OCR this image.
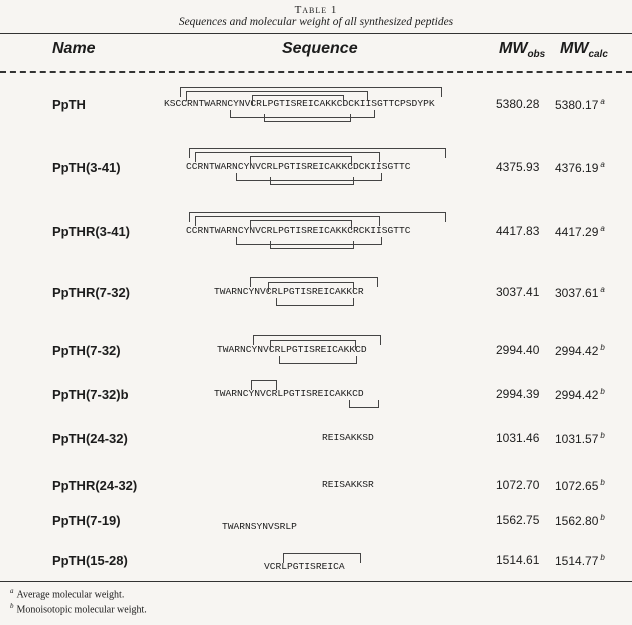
Table 1
Sequences and molecular weight of all synthesized peptides
Name	Sequence	$MW_{obs}$ $MW_{calc}$
PpTH	KSCCRNTWARNCYNVCRLPGTISREICAKKCDCKIISGTTCPSDYPK	5380.28 5380.17 $^a$
PpTH(3-41)	CCRNTWARNCYNVCRLPGTISREICAKKCDCKIISGTTC	4375.93 4376.19 $^a$
PpTHR(3-41)	CCRNTWARNCYNVCRLPGTISREICAKKCRCKIISGTTC	4417.83 4417.29 $^a$
PpTHR(7-32)	TWARNCYNVCRLPGTISREICAKKCR	3037.41 3037.61 $^a$
PpTH(7-32)	TWARNCYNVCRLPGTISREICAKKCD	2994.40 2994.42 $^b$
PpTH(7-32)b	TWARNCYNVCRLPGTISREICAKKCD	2994.39 2994.42 $^b$
PpTH(24-32)	REISAKKSD	1031.46 1031.57 $^b$
PpTHR(24-32)	REISAKKSR	1072.70 1072.65 $^b$
PpTH(7-19)	TWARNSYNVSRLP	1562.75 1562.80 $^b$
PpTH(15-28)	VCRLPGTISREICA	1514.61 1514.77 $^b$
$^a$ Average molecular weight.
$^b$ Monoisotopic molecular weight.
